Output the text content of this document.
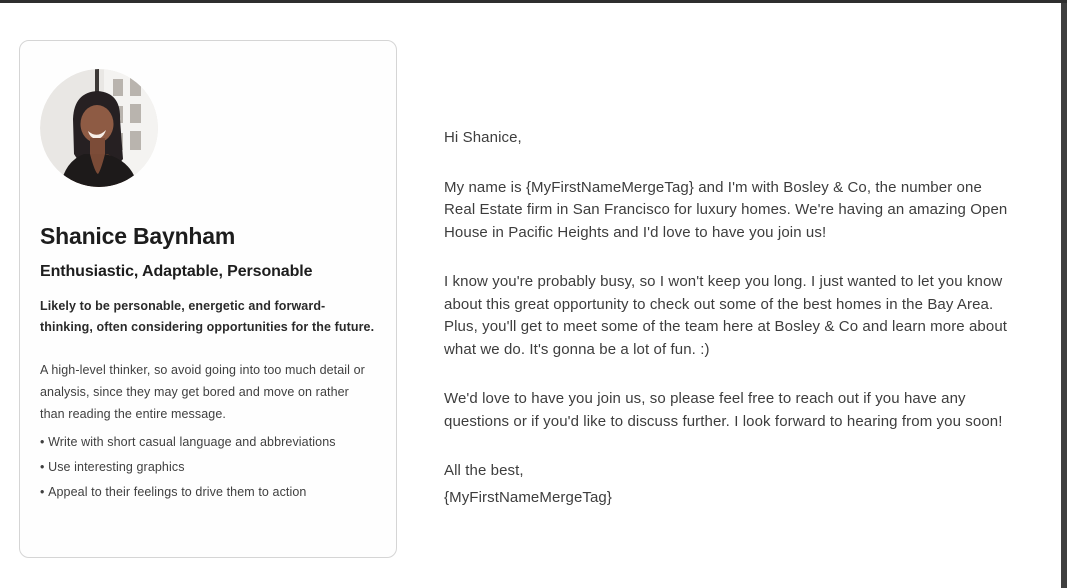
Shanice Baynham
Enthusiastic, Adaptable, Personable

Likely to be personable, energetic and forward-thinking, often considering opportunities for the future.

A high-level thinker, so avoid going into too much detail or analysis, since they may get bored and move on rather than reading the entire message.

• Write with short casual language and abbreviations
• Use interesting graphics
• Appeal to their feelings to drive them to action

Hi Shanice,

My name is {MyFirstNameMergeTag} and I'm with Bosley & Co, the number one Real Estate firm in San Francisco for luxury homes. We're having an amazing Open House in Pacific Heights and I'd love to have you join us!

I know you're probably busy, so I won't keep you long. I just wanted to let you know about this great opportunity to check out some of the best homes in the Bay Area. Plus, you'll get to meet some of the team here at Bosley & Co and learn more about what we do. It's gonna be a lot of fun. :)

We'd love to have you join us, so please feel free to reach out if you have any questions or if you'd like to discuss further. I look forward to hearing from you soon!

All the best,

{MyFirstNameMergeTag}
